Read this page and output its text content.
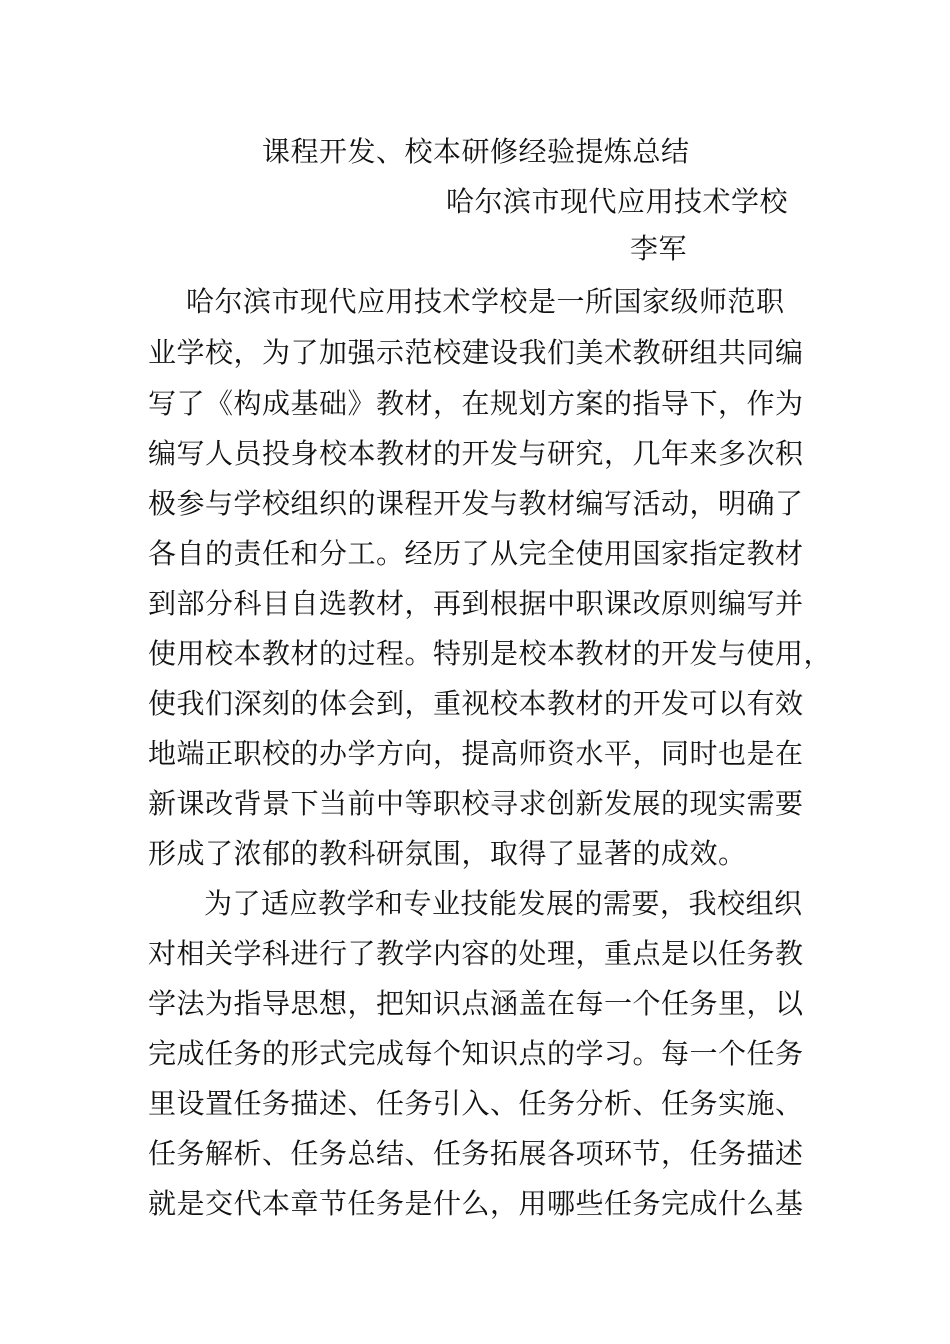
课程开发、校本研修经验提炼总结
哈尔滨市现代应用技术学校
李军
哈尔滨市现代应用技术学校是一所国家级师范职
业学校，为了加强示范校建设我们美术教研组共同编
写了《构成基础》教材，在规划方案的指导下，作为
编写人员投身校本教材的开发与研究，几年来多次积
极参与学校组织的课程开发与教材编写活动，明确了
各自的责任和分工。经历了从完全使用国家指定教材
到部分科目自选教材，再到根据中职课改原则编写并
使用校本教材的过程。特别是校本教材的开发与使用，
使我们深刻的体会到，重视校本教材的开发可以有效
地端正职校的办学方向，提高师资水平，同时也是在
新课改背景下当前中等职校寻求创新发展的现实需要
形成了浓郁的教科研氛围，取得了显著的成效。
为了适应教学和专业技能发展的需要，我校组织
对相关学科进行了教学内容的处理，重点是以任务教
学法为指导思想，把知识点涵盖在每一个任务里，以
完成任务的形式完成每个知识点的学习。每一个任务
里设置任务描述、任务引入、任务分析、任务实施、
任务解析、任务总结、任务拓展各项环节，任务描述
就是交代本章节任务是什么，用哪些任务完成什么基
